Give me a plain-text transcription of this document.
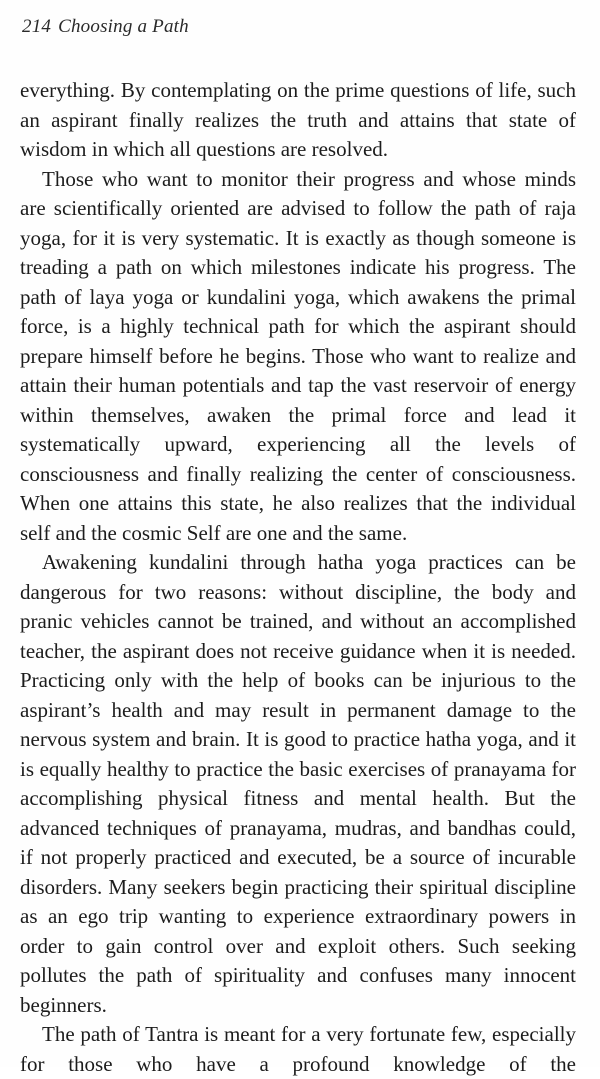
214 Choosing a Path

everything. By contemplating on the prime questions of life, such an aspirant finally realizes the truth and attains that state of wisdom in which all questions are resolved.

Those who want to monitor their progress and whose minds are scientifically oriented are advised to follow the path of raja yoga, for it is very systematic. It is exactly as though someone is treading a path on which milestones indicate his progress. The path of laya yoga or kundalini yoga, which awakens the primal force, is a highly technical path for which the aspirant should prepare himself before he begins. Those who want to realize and attain their human potentials and tap the vast reservoir of energy within themselves, awaken the primal force and lead it systematically upward, experiencing all the levels of consciousness and finally realizing the center of consciousness. When one attains this state, he also realizes that the individual self and the cosmic Self are one and the same.

Awakening kundalini through hatha yoga practices can be dangerous for two reasons: without discipline, the body and pranic vehicles cannot be trained, and without an accomplished teacher, the aspirant does not receive guidance when it is needed. Practicing only with the help of books can be injurious to the aspirant’s health and may result in permanent damage to the nervous system and brain. It is good to practice hatha yoga, and it is equally healthy to practice the basic exercises of pranayama for accomplishing physical fitness and mental health. But the advanced techniques of pranayama, mudras, and bandhas could, if not properly practiced and executed, be a source of incurable disorders. Many seekers begin practicing their spiritual discipline as an ego trip wanting to experience extraordinary powers in order to gain control over and exploit others. Such seeking pollutes the path of spirituality and confuses many innocent beginners.

The path of Tantra is meant for a very fortunate few, especially for those who have a profound knowledge of the
